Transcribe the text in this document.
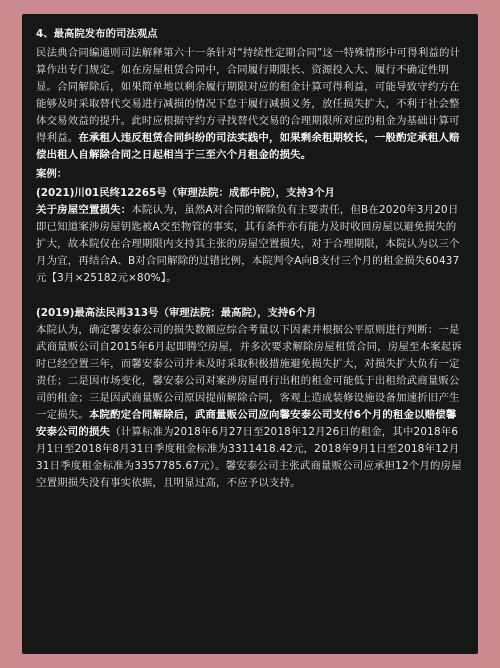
4、最高院发布的司法观点

民法典合同编通则司法解释第六十一条针对“持续性定期合同”这一特殊情形中可得利益的计算作出专门规定。如在房屋租赁合同中，合同履行期限长、资源投入大、履行不确定性明显。合同解除后，如果简单地以剩余履行期限对应的租金计算可得利益，可能导致守约方在能够及时采取替代交易进行减损的情况下怠于履行减损义务，放任损失扩大，不利于社会整体交易效益的提升。此时应根据守约方寻找替代交易的合理期限所对应的租金为基础计算可得利益。在承租人违反租赁合同纠纷的司法实践中，如果剩余租期较长，一般酌定承租人赔偿出租人自解除合同之日起相当于三至六个月租金的损失。

案例：

(2021)川01民终12265号（审理法院：成都中院），支持3个月

关于房屋空置损失：本院认为，虽然A对合同的解除负有主要责任，但B在2020年3月20日即已知道案涉房屋钥匙被A交至物管的事实，其有条件亦有能力及时收回房屋以避免损失的扩大，故本院仅在合理期限内支持其主张的房屋空置损失，对于合理期限，本院认为以三个月为宜，再结合A、B对合同解除的过错比例，本院判令A向B支付三个月的租金损失60437元【3月×25182元×80%】。

(2019)最高法民再313号（审理法院：最高院），支持6个月

本院认为，确定馨安泰公司的损失数额应综合考量以下因素并根据公平原则进行判断：一是武商量贩公司自2015年6月起即腾空房屋，并多次要求解除房屋租赁合同，房屋至本案起诉时已经空置三年，而馨安泰公司并未及时采取积极措施避免损失扩大，对损失扩大负有一定责任；二是因市场变化，馨安泰公司对案涉房屋再行出租的租金可能低于出租给武商量贩公司的租金；三是因武商量贩公司原因提前解除合同，客观上造成装修设施设备加速折旧产生一定损失。本院酌定合同解除后，武商量贩公司应向馨安泰公司支付6个月的租金以赔偿馨安泰公司的损失（计算标准为2018年6月27日至2018年12月26日的租金，其中2018年6月1日至2018年8月31日季度租金标准为3311418.42元，2018年9月1日至2018年12月31日季度租金标准为3357785.67元）。馨安泰公司主张武商量贩公司应承担12个月的房屋空置期损失没有事实依据，且明显过高，不应予以支持。
